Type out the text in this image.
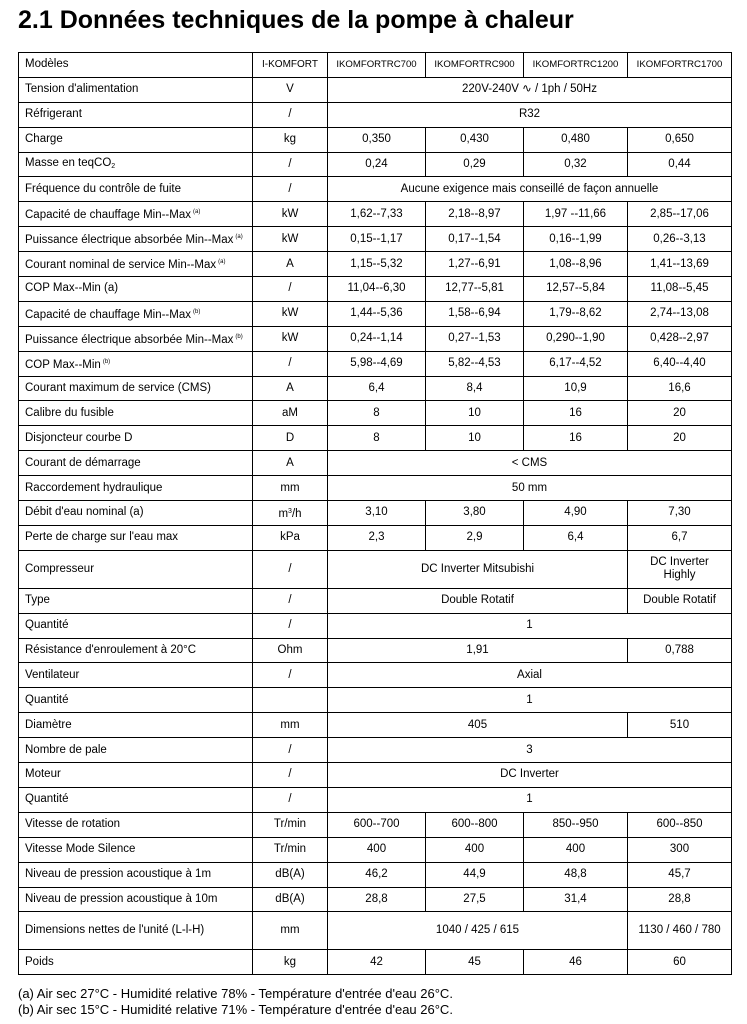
2.1 Données techniques de la pompe à chaleur
Modèles	I-KOMFORT	IKOMFORTRC700	IKOMFORTRC900	IKOMFORTRC1200	IKOMFORTRC1700
Tension d'alimentation	V	220V-240V ∿ / 1ph / 50Hz			
Réfrigerant	/	R32			
Charge	kg	0,350	0,430	0,480	0,650
Masse en teqCO$_2$	/	0,24	0,29	0,32	0,44
Fréquence du contrôle de fuite	/	Aucune exigence mais conseillé de façon annuelle			
Capacité de chauffage Min--Max $^{(a)}$	kW	1,62--7,33	2,18--8,97	1,97 --11,66	2,85--17,06
Puissance électrique absorbée Min--Max $^{(a)}$	kW	0,15--1,17	0,17--1,54	0,16--1,99	0,26--3,13
Courant nominal de service Min--Max $^{(a)}$	A	1,15--5,32	1,27--6,91	1,08--8,96	1,41--13,69
COP Max--Min (a)	/	11,04--6,30	12,77--5,81	12,57--5,84	11,08--5,45
Capacité de chauffage Min--Max $^{(b)}$	kW	1,44--5,36	1,58--6,94	1,79--8,62	2,74--13,08
Puissance électrique absorbée Min--Max $^{(b)}$	kW	0,24--1,14	0,27--1,53	0,290--1,90	0,428--2,97
COP Max--Min $^{(b)}$	/	5,98--4,69	5,82--4,53	6,17--4,52	6,40--4,40
Courant maximum de service (CMS)	A	6,4	8,4	10,9	16,6
Calibre du fusible	aM	8	10	16	20
Disjoncteur courbe D	D	8	10	16	20
Courant de démarrage	A	< CMS			
Raccordement hydraulique	mm	50 mm			
Débit d'eau nominal (a)	$m^3/h$	3,10	3,80	4,90	7,30
Perte de charge sur l'eau max	kPa	2,3	2,9	6,4	6,7
Compresseur	/	DC Inverter Mitsubishi			DC Inverter
Highly
Type	/	Double Rotatif			Double Rotatif
Quantité	/	1			
Résistance d'enroulement à 20°C	Ohm	1,91			0,788
Ventilateur	/	Axial			
Quantité		1			
Diamètre	mm	405			510
Nombre de pale	/	3			
Moteur	/	DC Inverter			
Quantité	/	1			
Vitesse de rotation	Tr/min	600--700	600--800	850--950	600--850
Vitesse Mode Silence	Tr/min	400	400	400	300
Niveau de pression acoustique à 1m	dB(A)	46,2	44,9	48,8	45,7
Niveau de pression acoustique à 10m	dB(A)	28,8	27,5	31,4	28,8
Dimensions nettes de l'unité (L-l-H)	mm	1040 / 425 / 615			1130 / 460 / 780
Poids	kg	42	45	46	60
(a) Air sec 27°C - Humidité relative 78% - Température d'entrée d'eau 26°C.
(b) Air sec 15°C - Humidité relative 71% - Température d'entrée d'eau 26°C.
